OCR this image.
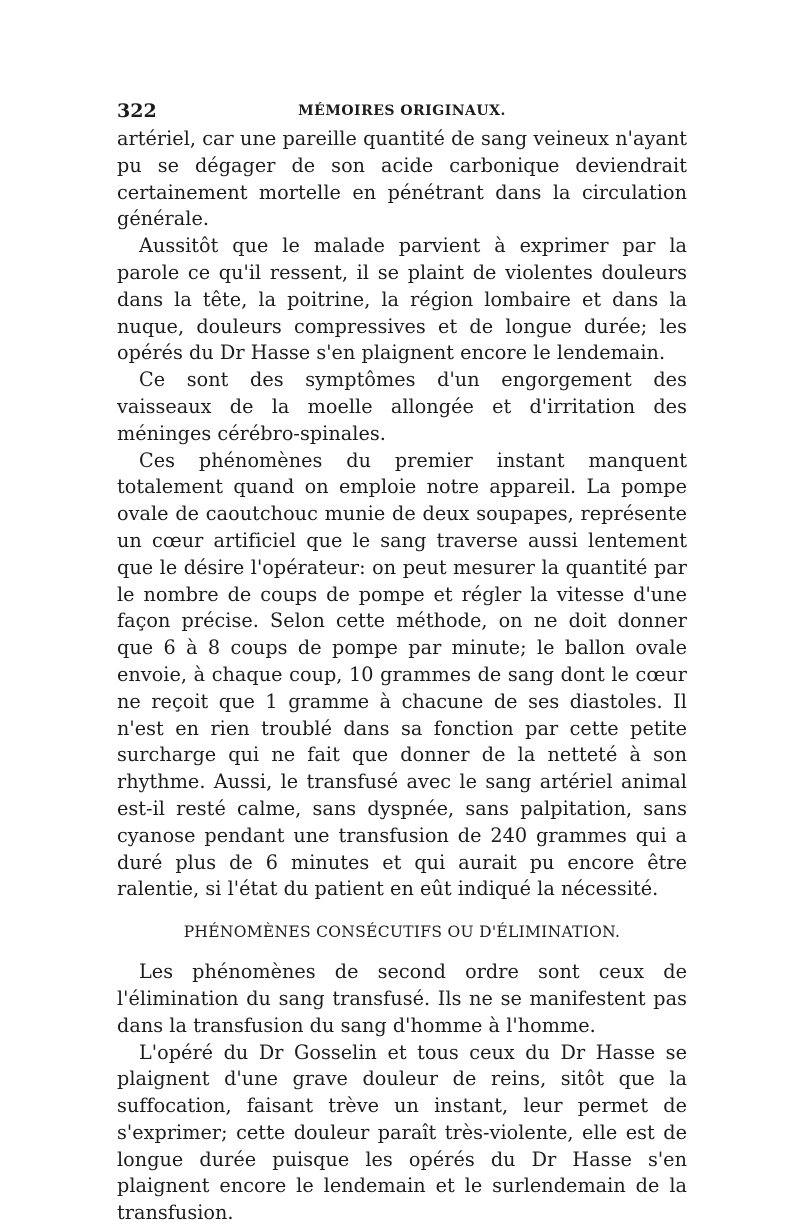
322	MÉMOIRES ORIGINAUX.

artériel, car une pareille quantité de sang veineux n'ayant pu se dégager de son acide carbonique deviendrait certainement mortelle en pénétrant dans la circulation générale.

Aussitôt que le malade parvient à exprimer par la parole ce qu'il ressent, il se plaint de violentes douleurs dans la tête, la poitrine, la région lombaire et dans la nuque, douleurs compressives et de longue durée; les opérés du Dr Hasse s'en plaignent encore le lendemain.

Ce sont des symptômes d'un engorgement des vaisseaux de la moelle allongée et d'irritation des méninges cérébro-spinales.

Ces phénomènes du premier instant manquent totalement quand on emploie notre appareil. La pompe ovale de caoutchouc munie de deux soupapes, représente un cœur artificiel que le sang traverse aussi lentement que le désire l'opérateur: on peut mesurer la quantité par le nombre de coups de pompe et régler la vitesse d'une façon précise. Selon cette méthode, on ne doit donner que 6 à 8 coups de pompe par minute; le ballon ovale envoie, à chaque coup, 10 grammes de sang dont le cœur ne reçoit que 1 gramme à chacune de ses diastoles. Il n'est en rien troublé dans sa fonction par cette petite surcharge qui ne fait que donner de la netteté à son rhythme. Aussi, le transfusé avec le sang artériel animal est-il resté calme, sans dyspnée, sans palpitation, sans cyanose pendant une transfusion de 240 grammes qui a duré plus de 6 minutes et qui aurait pu encore être ralentie, si l'état du patient en eût indiqué la nécessité.

PHÉNOMÈNES CONSÉCUTIFS OU D'ÉLIMINATION.

Les phénomènes de second ordre sont ceux de l'élimination du sang transfusé. Ils ne se manifestent pas dans la transfusion du sang d'homme à l'homme.

L'opéré du Dr Gosselin et tous ceux du Dr Hasse se plaignent d'une grave douleur de reins, sitôt que la suffocation, faisant trève un instant, leur permet de s'exprimer; cette douleur paraît très-violente, elle est de longue durée puisque les opérés du Dr Hasse s'en plaignent encore le lendemain et le surlendemain de la transfusion.
